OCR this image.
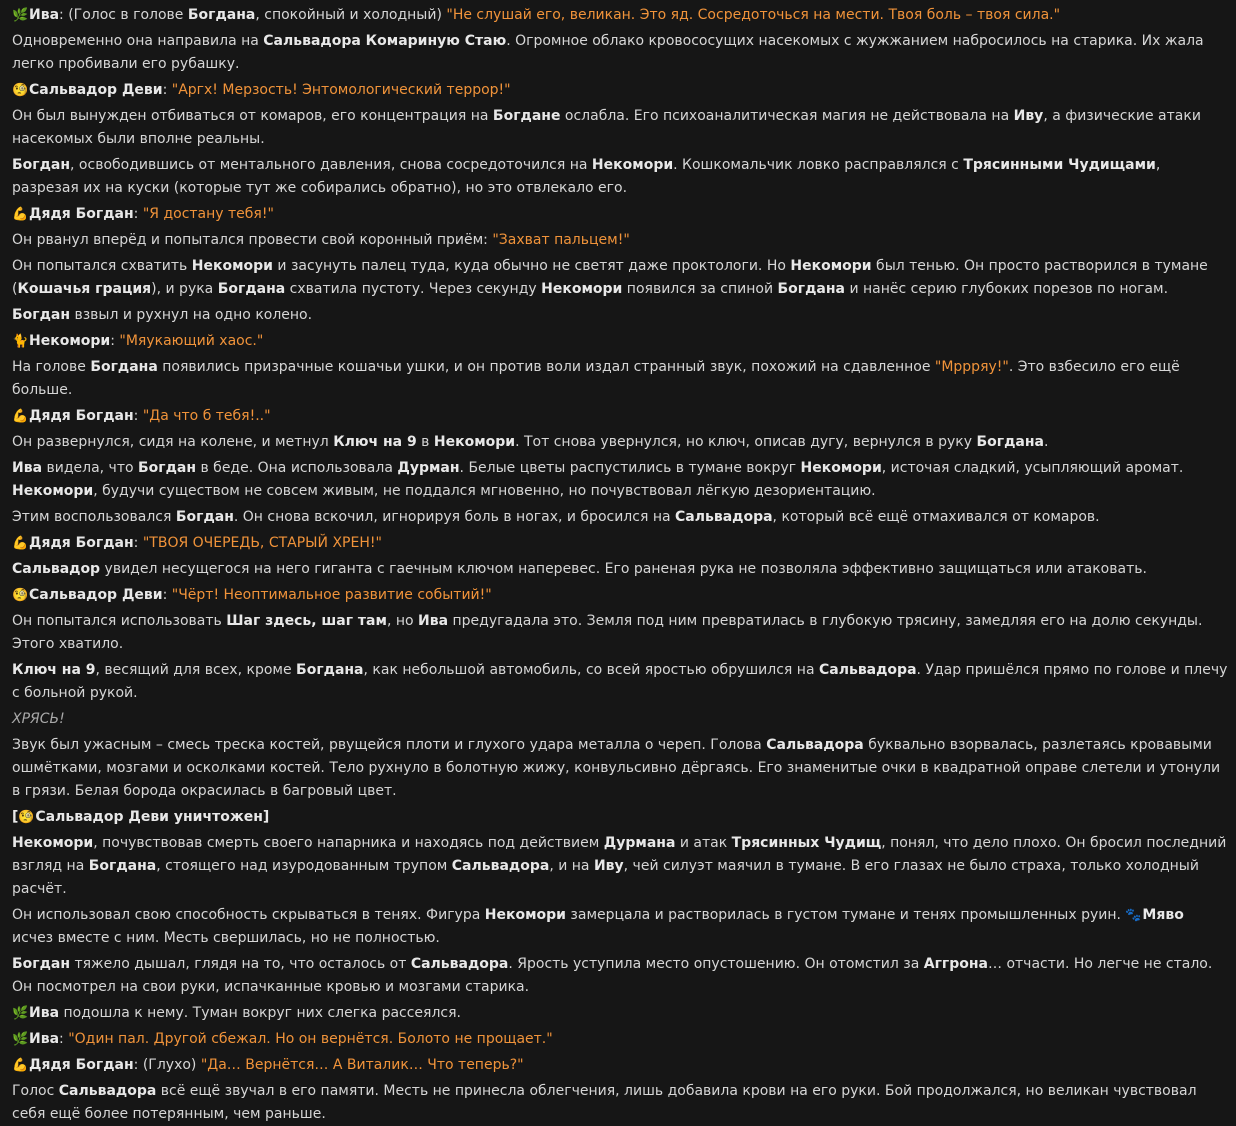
🌿Ива: (Голос в голове Богдана, спокойный и холодный) "Не слушай его, великан. Это яд. Сосредоточься на мести. Твоя боль – твоя сила."
Одновременно она направила на Сальвадора Комариную Стаю. Огромное облако кровососущих насекомых с жужжанием набросилось на старика. Их жала легко пробивали его рубашку.
🧐Сальвадор Деви: "Аргх! Мерзость! Энтомологический террор!"
Он был вынужден отбиваться от комаров, его концентрация на Богдане ослабла. Его психоаналитическая магия не действовала на Иву, а физические атаки насекомых были вполне реальны.
Богдан, освободившись от ментального давления, снова сосредоточился на Некомори. Кошкомальчик ловко расправлялся с Трясинными Чудищами, разрезая их на куски (которые тут же собирались обратно), но это отвлекало его.
💪Дядя Богдан: "Я достану тебя!"
Он рванул вперёд и попытался провести свой коронный приём: "Захват пальцем!"
Он попытался схватить Некомори и засунуть палец туда, куда обычно не светят даже проктологи. Но Некомори был тенью. Он просто растворился в тумане (Кошачья грация), и рука Богдана схватила пустоту. Через секунду Некомори появился за спиной Богдана и нанёс серию глубоких порезов по ногам.
Богдан взвыл и рухнул на одно колено.
🐈Некомори: "Мяукающий хаос."
На голове Богдана появились призрачные кошачьи ушки, и он против воли издал странный звук, похожий на сдавленное "Мррряу!". Это взбесило его ещё больше.
💪Дядя Богдан: "Да что б тебя!.."
Он развернулся, сидя на колене, и метнул Ключ на 9 в Некомори. Тот снова увернулся, но ключ, описав дугу, вернулся в руку Богдана.
Ива видела, что Богдан в беде. Она использовала Дурман. Белые цветы распустились в тумане вокруг Некомори, источая сладкий, усыпляющий аромат. Некомори, будучи существом не совсем живым, не поддался мгновенно, но почувствовал лёгкую дезориентацию.
Этим воспользовался Богдан. Он снова вскочил, игнорируя боль в ногах, и бросился на Сальвадора, который всё ещё отмахивался от комаров.
💪Дядя Богдан: "ТВОЯ ОЧЕРЕДЬ, СТАРЫЙ ХРЕН!"
Сальвадор увидел несущегося на него гиганта с гаечным ключом наперевес. Его раненая рука не позволяла эффективно защищаться или атаковать.
🧐Сальвадор Деви: "Чёрт! Неоптимальное развитие событий!"
Он попытался использовать Шаг здесь, шаг там, но Ива предугадала это. Земля под ним превратилась в глубокую трясину, замедляя его на долю секунды. Этого хватило.
Ключ на 9, весящий для всех, кроме Богдана, как небольшой автомобиль, со всей яростью обрушился на Сальвадора. Удар пришёлся прямо по голове и плечу с больной рукой.
ХРЯСЬ!
Звук был ужасным – смесь треска костей, рвущейся плоти и глухого удара металла о череп. Голова Сальвадора буквально взорвалась, разлетаясь кровавыми ошмётками, мозгами и осколками костей. Тело рухнуло в болотную жижу, конвульсивно дёргаясь. Его знаменитые очки в квадратной оправе слетели и утонули в грязи. Белая борода окрасилась в багровый цвет.
[🧐Сальвадор Деви уничтожен]
Некомори, почувствовав смерть своего напарника и находясь под действием Дурмана и атак Трясинных Чудищ, понял, что дело плохо. Он бросил последний взгляд на Богдана, стоящего над изуродованным трупом Сальвадора, и на Иву, чей силуэт маячил в тумане. В его глазах не было страха, только холодный расчёт.
Он использовал свою способность скрываться в тенях. Фигура Некомори замерцала и растворилась в густом тумане и тенях промышленных руин. 🐾Мяво исчез вместе с ним. Месть свершилась, но не полностью.
Богдан тяжело дышал, глядя на то, что осталось от Сальвадора. Ярость уступила место опустошению. Он отомстил за Аггрона… отчасти. Но легче не стало. Он посмотрел на свои руки, испачканные кровью и мозгами старика.
🌿Ива подошла к нему. Туман вокруг них слегка рассеялся.
🌿Ива: "Один пал. Другой сбежал. Но он вернётся. Болото не прощает."
💪Дядя Богдан: (Глухо) "Да… Вернётся… А Виталик… Что теперь?"
Голос Сальвадора всё ещё звучал в его памяти. Месть не принесла облегчения, лишь добавила крови на его руки. Бой продолжался, но великан чувствовал себя ещё более потерянным, чем раньше.
